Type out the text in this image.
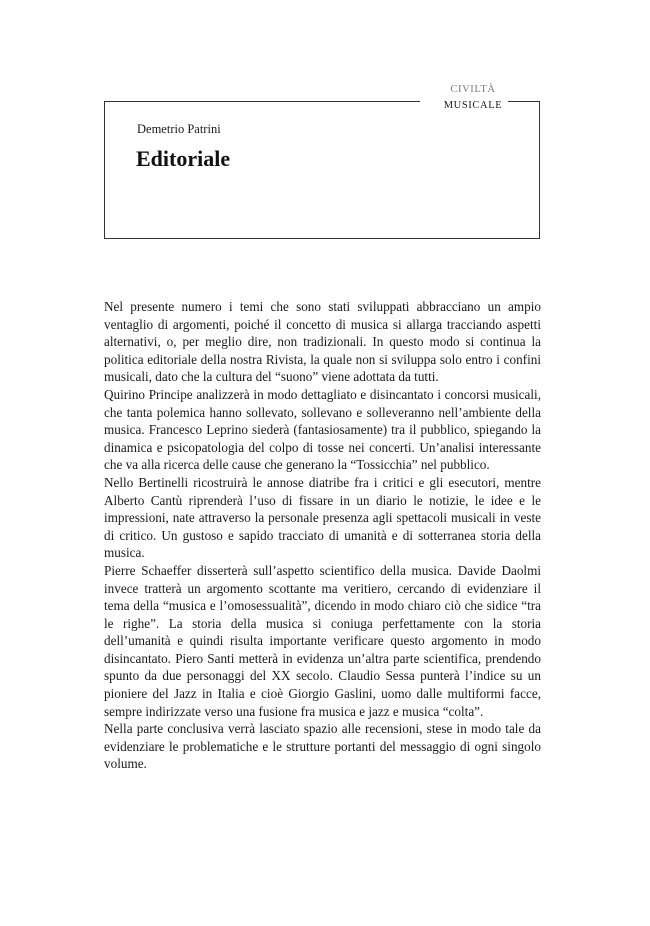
CIVILTÀ
MUSICALE
Demetrio Patrini
Editoriale

Nel presente numero i temi che sono stati sviluppati abbracciano un ampio ventaglio di argomenti, poiché il concetto di musica si allarga tracciando aspetti alternativi, o, per meglio dire, non tradizionali. In questo modo si continua la politica editoriale della nostra Rivista, la quale non si sviluppa solo entro i confini musicali, dato che la cultura del “suono” viene adottata da tutti.

Quirino Principe analizzerà in modo dettagliato e disincantato i concorsi musicali, che tanta polemica hanno sollevato, sollevano e solleveranno nell’ambiente della musica. Francesco Leprino siederà (fantasiosamente) tra il pubblico, spiegando la dinamica e psicopatologia del colpo di tosse nei concerti. Un’analisi interessante che va alla ricerca delle cause che generano la “Tossicchia” nel pubblico.

Nello Bertinelli ricostruirà le annose diatribe fra i critici e gli esecutori, mentre Alberto Cantù riprenderà l’uso di fissare in un diario le notizie, le idee e le impressioni, nate attraverso la personale presenza agli spettacoli musicali in veste di critico. Un gustoso e sapido tracciato di umanità e di sotterranea storia della musica.

Pierre Schaeffer disserterà sull’aspetto scientifico della musica. Davide Daolmi invece tratterà un argomento scottante ma veritiero, cercando di evidenziare il tema della “musica e l’omosessualità”, dicendo in modo chiaro ciò che sidice “tra le righe”. La storia della musica si coniuga perfettamente con la storia dell’umanità e quindi risulta importante verificare questo argomento in modo disincantato. Piero Santi metterà in evidenza un’altra parte scientifica, prendendo spunto da due personaggi del XX secolo. Claudio Sessa punterà l’indice su un pioniere del Jazz in Italia e cioè Giorgio Gaslini, uomo dalle multiformi facce, sempre indirizzate verso una fusione fra musica e jazz e musica “colta”.

Nella parte conclusiva verrà lasciato spazio alle recensioni, stese in modo tale da evidenziare le problematiche e le strutture portanti del messaggio di ogni singolo volume.
